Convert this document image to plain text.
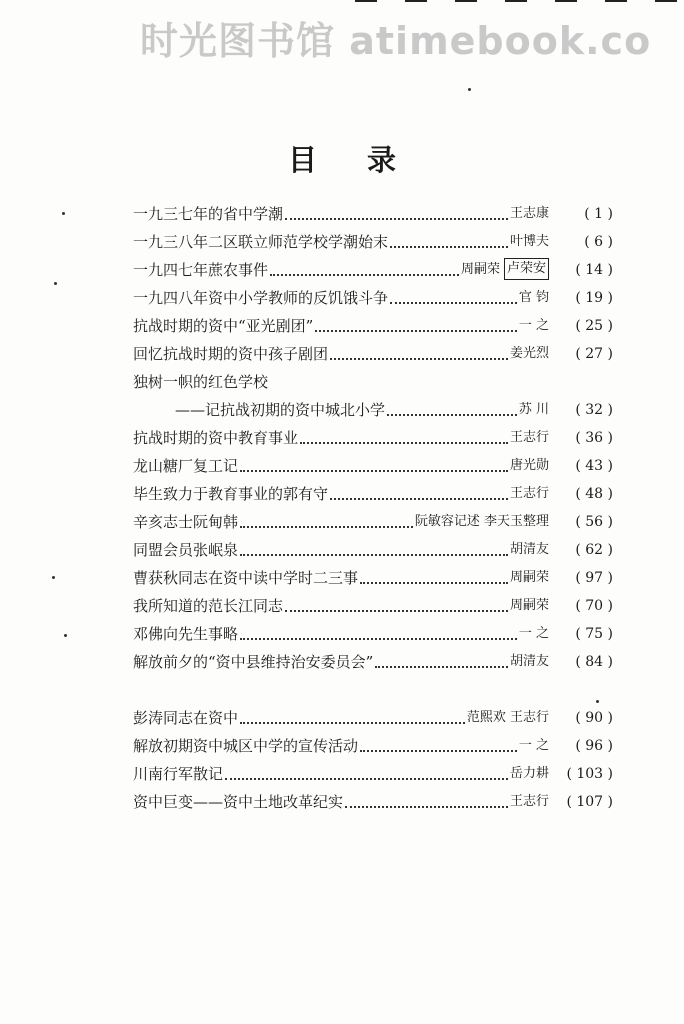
时光图书馆 atimebook.co
目录
一九三七年的省中学潮	王志康	( 1 )
一九三八年二区联立师范学校学潮始末	叶博夫	( 6 )
一九四七年蔗农事件	周嗣荣 卢荣安	( 14 )
一九四八年资中小学教师的反饥饿斗争	官 钧	( 19 )
抗战时期的资中“亚光剧团”	一 之	( 25 )
回忆抗战时期的资中孩子剧团	姜光烈	( 27 )
独树一帜的红色学校
——记抗战初期的资中城北小学	苏 川	( 32 )
抗战时期的资中教育事业	王志行	( 36 )
龙山糖厂复工记	唐光勋	( 43 )
毕生致力于教育事业的郭有守	王志行	( 48 )
辛亥志士阮甸韩	阮敏容记述 李天玉整理	( 56 )
同盟会员张岷泉	胡清友	( 62 )
曹获秋同志在资中读中学时二三事	周嗣荣	( 97 )
我所知道的范长江同志	周嗣荣	( 70 )
邓佛向先生事略	一 之	( 75 )
解放前夕的“资中县维持治安委员会”	胡清友	( 84 )
彭涛同志在资中	范熙欢 王志行	( 90 )
解放初期资中城区中学的宣传活动	一 之	( 96 )
川南行军散记	岳力耕	( 103 )
资中巨变——资中土地改革纪实	王志行	( 107 )
